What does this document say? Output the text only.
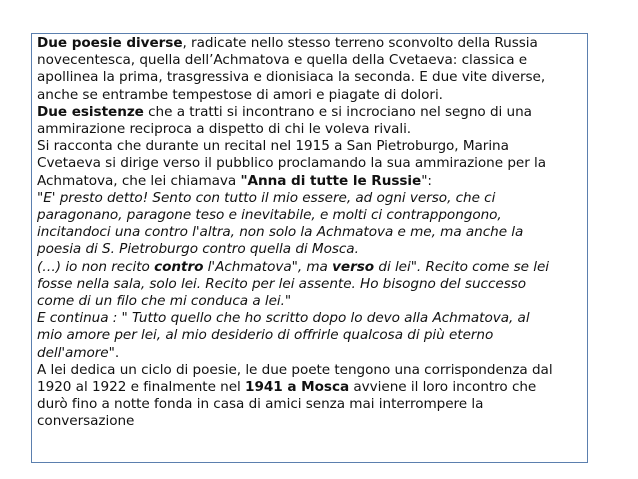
Due poesie diverse, radicate nello stesso terreno sconvolto della Russia
novecentesca, quella dell’Achmatova e quella della Cvetaeva: classica e
apollinea la prima, trasgressiva e dionisiaca la seconda. E due vite diverse,
anche se entrambe tempestose di amori e piagate di dolori.
Due esistenze che a tratti si incontrano e si incrociano nel segno di una
ammirazione reciproca a dispetto di chi le voleva rivali.
Si racconta che durante un recital nel 1915 a San Pietroburgo, Marina
Cvetaeva si dirige verso il pubblico proclamando la sua ammirazione per la
Achmatova, che lei chiamava "Anna di tutte le Russie":
"E' presto detto! Sento con tutto il mio essere, ad ogni verso, che ci
paragonano, paragone teso e inevitabile, e molti ci contrappongono,
incitandoci una contro l'altra, non solo la Achmatova e me, ma anche la
poesia di S. Pietroburgo contro quella di Mosca.
(…) io non recito contro l'Achmatova", ma verso di lei". Recito come se lei
fosse nella sala, solo lei. Recito per lei assente. Ho bisogno del successo
come di un filo che mi conduca a lei."
E continua : " Tutto quello che ho scritto dopo lo devo alla Achmatova, al
mio amore per lei, al mio desiderio di offrirle qualcosa di più eterno
dell'amore".
A lei dedica un ciclo di poesie, le due poete tengono una corrispondenza dal
1920 al 1922 e finalmente nel 1941 a Mosca avviene il loro incontro che
durò fino a notte fonda in casa di amici senza mai interrompere la
conversazione
